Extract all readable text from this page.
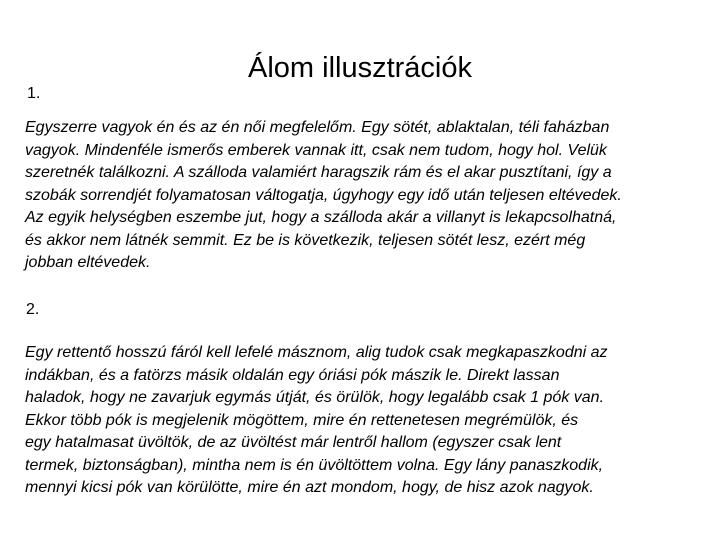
Álom illusztrációk
1.
Egyszerre vagyok én és az én női megfelelőm. Egy sötét, ablaktalan, téli faházban
vagyok. Mindenféle ismerős emberek vannak itt, csak nem tudom, hogy hol. Velük
szeretnék találkozni. A szálloda valamiért haragszik rám és el akar pusztítani, így a
szobák sorrendjét folyamatosan váltogatja, úgyhogy egy idő után teljesen eltévedek.
Az egyik helységben eszembe jut, hogy a szálloda akár a villanyt is lekapcsolhatná,
és akkor nem látnék semmit. Ez be is következik, teljesen sötét lesz, ezért még
jobban eltévedek.
2.
Egy rettentő hosszú fáról kell lefelé másznom, alig tudok csak megkapaszkodni az
indákban, és a fatörzs másik oldalán egy óriási pók mászik le. Direkt lassan
haladok, hogy ne zavarjuk egymás útját, és örülök, hogy legalább csak 1 pók van.
Ekkor több pók is megjelenik mögöttem, mire én rettenetesen megrémülök, és
egy hatalmasat üvöltök, de az üvöltést már lentről hallom (egyszer csak lent
termek, biztonságban), mintha nem is én üvöltöttem volna. Egy lány panaszkodik,
mennyi kicsi pók van körülötte, mire én azt mondom, hogy, de hisz azok nagyok.
